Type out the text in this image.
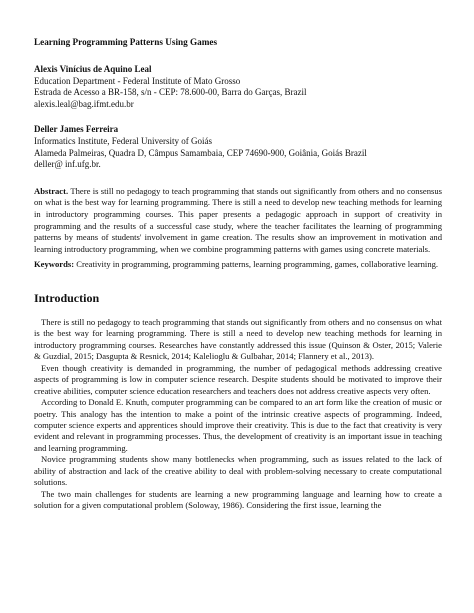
Learning Programming Patterns Using Games
Alexis Vinícius de Aquino Leal
Education Department - Federal Institute of Mato Grosso
Estrada de Acesso a BR-158, s/n - CEP: 78.600-00, Barra do Garças, Brazil
alexis.leal@bag.ifmt.edu.br
Deller James Ferreira
Informatics Institute, Federal University of Goiás
Alameda Palmeiras, Quadra D, Câmpus Samambaia, CEP 74690-900, Goiânia, Goiás Brazil
deller@ inf.ufg.br.
Abstract. There is still no pedagogy to teach programming that stands out significantly from others and no consensus on what is the best way for learning programming. There is still a need to develop new teaching methods for learning in introductory programming courses. This paper presents a pedagogic approach in support of creativity in programming and the results of a successful case study, where the teacher facilitates the learning of programming patterns by means of students' involvement in game creation. The results show an improvement in motivation and learning introductory programming, when we combine programming patterns with games using concrete materials.
Keywords: Creativity in programming, programming patterns, learning programming, games, collaborative learning.
Introduction

There is still no pedagogy to teach programming that stands out significantly from others and no consensus on what is the best way for learning programming. There is still a need to develop new teaching methods for learning in introductory programming courses. Researches have constantly addressed this issue (Quinson & Oster, 2015; Valerie & Guzdial, 2015; Dasgupta & Resnick, 2014; Kalelioglu & Gulbahar, 2014; Flannery et al., 2013).

Even though creativity is demanded in programming, the number of pedagogical methods addressing creative aspects of programming is low in computer science research. Despite students should be motivated to improve their creative abilities, computer science education researchers and teachers does not address creative aspects very often.

According to Donald E. Knuth, computer programming can be compared to an art form like the creation of music or poetry. This analogy has the intention to make a point of the intrinsic creative aspects of programming. Indeed, computer science experts and apprentices should improve their creativity. This is due to the fact that creativity is very evident and relevant in programming processes. Thus, the development of creativity is an important issue in teaching and learning programming.

Novice programming students show many bottlenecks when programming, such as issues related to the lack of ability of abstraction and lack of the creative ability to deal with problem-solving necessary to create computational solutions.

The two main challenges for students are learning a new programming language and learning how to create a solution for a given computational problem (Soloway, 1986). Considering the first issue, learning the
